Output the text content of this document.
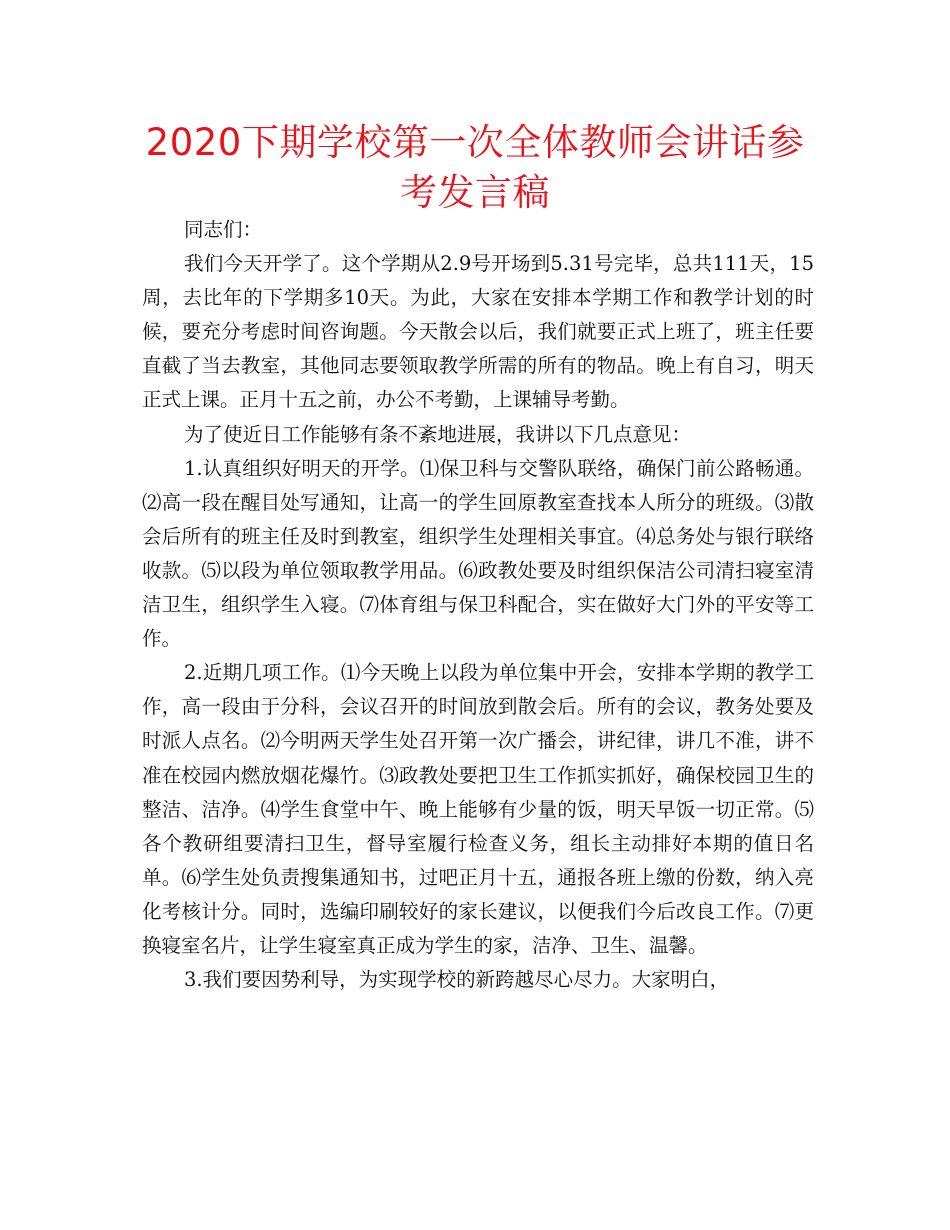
2020下期学校第一次全体教师会讲话参考发言稿

同志们：

我们今天开学了。这个学期从2.9号开场到5.31号完毕，总共111天，15周，去比年的下学期多10天。为此，大家在安排本学期工作和教学计划的时候，要充分考虑时间咨询题。今天散会以后，我们就要正式上班了，班主任要直截了当去教室，其他同志要领取教学所需的所有的物品。晚上有自习，明天正式上课。正月十五之前，办公不考勤，上课辅导考勤。

为了使近日工作能够有条不紊地进展，我讲以下几点意见：

1.认真组织好明天的开学。⑴保卫科与交警队联络，确保门前公路畅通。⑵高一段在醒目处写通知，让高一的学生回原教室查找本人所分的班级。⑶散会后所有的班主任及时到教室，组织学生处理相关事宜。⑷总务处与银行联络收款。⑸以段为单位领取教学用品。⑹政教处要及时组织保洁公司清扫寝室清洁卫生，组织学生入寝。⑺体育组与保卫科配合，实在做好大门外的平安等工作。

2.近期几项工作。⑴今天晚上以段为单位集中开会，安排本学期的教学工作，高一段由于分科，会议召开的时间放到散会后。所有的会议，教务处要及时派人点名。⑵今明两天学生处召开第一次广播会，讲纪律，讲几不准，讲不准在校园内燃放烟花爆竹。⑶政教处要把卫生工作抓实抓好，确保校园卫生的整洁、洁净。⑷学生食堂中午、晚上能够有少量的饭，明天早饭一切正常。⑸各个教研组要清扫卫生，督导室履行检查义务，组长主动排好本期的值日名单。⑹学生处负责搜集通知书，过吧正月十五，通报各班上缴的份数，纳入亮化考核计分。同时，选编印刷较好的家长建议，以便我们今后改良工作。⑺更换寝室名片，让学生寝室真正成为学生的家，洁净、卫生、温馨。

3.我们要因势利导，为实现学校的新跨越尽心尽力。大家明白，
